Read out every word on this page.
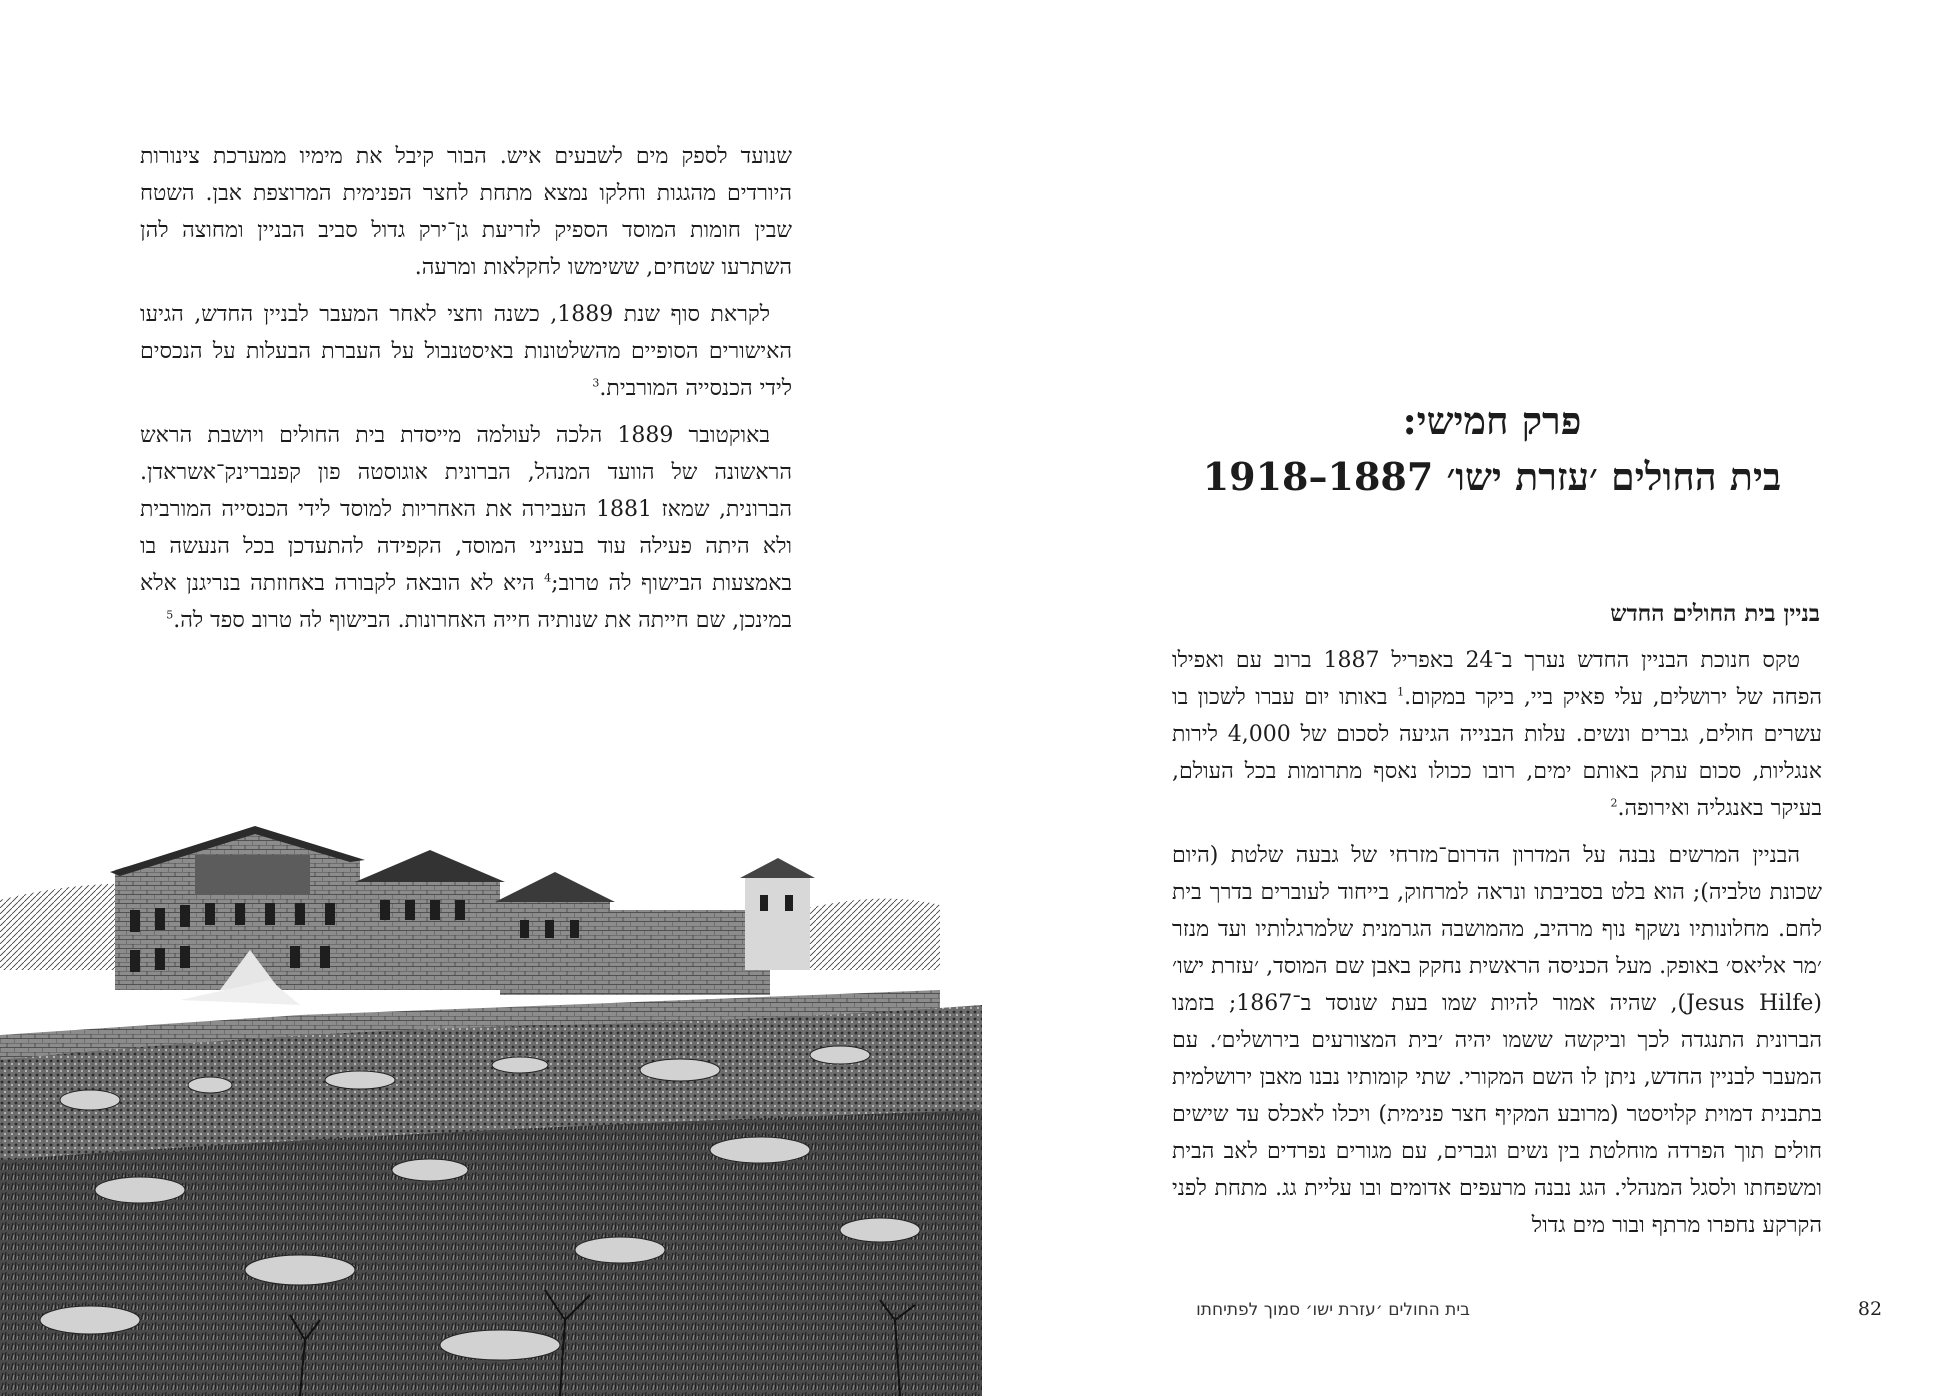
שנועד לספק מים לשבעים איש. הבור קיבל את מימיו ממערכת צינורות היורדים מהגגות וחלקו נמצא מתחת לחצר הפנימית המרוצפת אבן. השטח שבין חומות המוסד הספיק לזריעת גן־ירק גדול סביב הבניין ומחוצה להן השתרעו שטחים, ששימשו לחקלאות ומרעה.

לקראת סוף שנת 1889, כשנה וחצי לאחר המעבר לבניין החדש, הגיעו האישורים הסופיים מהשלטונות באיסטנבול על העברת הבעלות על הנכסים לידי הכנסייה המורבית.$^3$

באוקטובר 1889 הלכה לעולמה מייסדת בית החולים ויושבת הראש הראשונה של הוועד המנהל, הברונית אוגוסטה פון קפנברינק־אשראדן. הברונית, שמאז 1881 העבירה את האחריות למוסד לידי הכנסייה המורבית ולא היתה פעילה עוד בענייני המוסד, הקפידה להתעדכן בכל הנעשה בו באמצעות הבישוף לה טרוב;$^4$ היא לא הובאה לקבורה באחוזתה בנריגנן אלא במינכן, שם חייתה את שנותיה חייה האחרונות. הבישוף לה טרוב ספד לה.$^5$

פרק חמישי:
בית החולים ׳עזרת ישו׳ 1887–1918
בניין בית החולים החדש

טקס חנוכת הבניין החדש נערך ב־24 באפריל 1887 ברוב עם ואפילו הפחה של ירושלים, עלי פאיק ביי, ביקר במקום.$^1$ באותו יום עברו לשכון בו עשרים חולים, גברים ונשים. עלות הבנייה הגיעה לסכום של 4,000 לירות אנגליות, סכום עתק באותם ימים, רובו ככולו נאסף מתרומות בכל העולם, בעיקר באנגליה ואירופה.$^2$

הבניין המרשים נבנה על המדרון הדרום־מזרחי של גבעה שלטת (היום שכונת טלביה); הוא בלט בסביבתו ונראה למרחוק, בייחוד לעוברים בדרך בית לחם. מחלונותיו נשקף נוף מרהיב, מהמושבה הגרמנית שלמרגלותיו ועד מנזר ׳מר אליאס׳ באופק. מעל הכניסה הראשית נחקק באבן שם המוסד, ׳עזרת ישו׳ (Jesus Hilfe), שהיה אמור להיות שמו בעת שנוסד ב־1867; בזמנו הברונית התנגדה לכך וביקשה ששמו יהיה ׳בית המצורעים בירושלים׳. עם המעבר לבניין החדש, ניתן לו השם המקורי. שתי קומותיו נבנו מאבן ירושלמית בתבנית דמוית קלויסטר (מרובע המקיף חצר פנימית) ויכלו לאכלס עד שישים חולים תוך הפרדה מוחלטת בין נשים וגברים, עם מגורים נפרדים לאב הבית ומשפחתו ולסגל המנהלי. הגג נבנה מרעפים אדומים ובו עליית גג. מתחת לפני הקרקע נחפרו מרתף ובור מים גדול

בית החולים ׳עזרת ישו׳ סמוך לפתיחתו	82
